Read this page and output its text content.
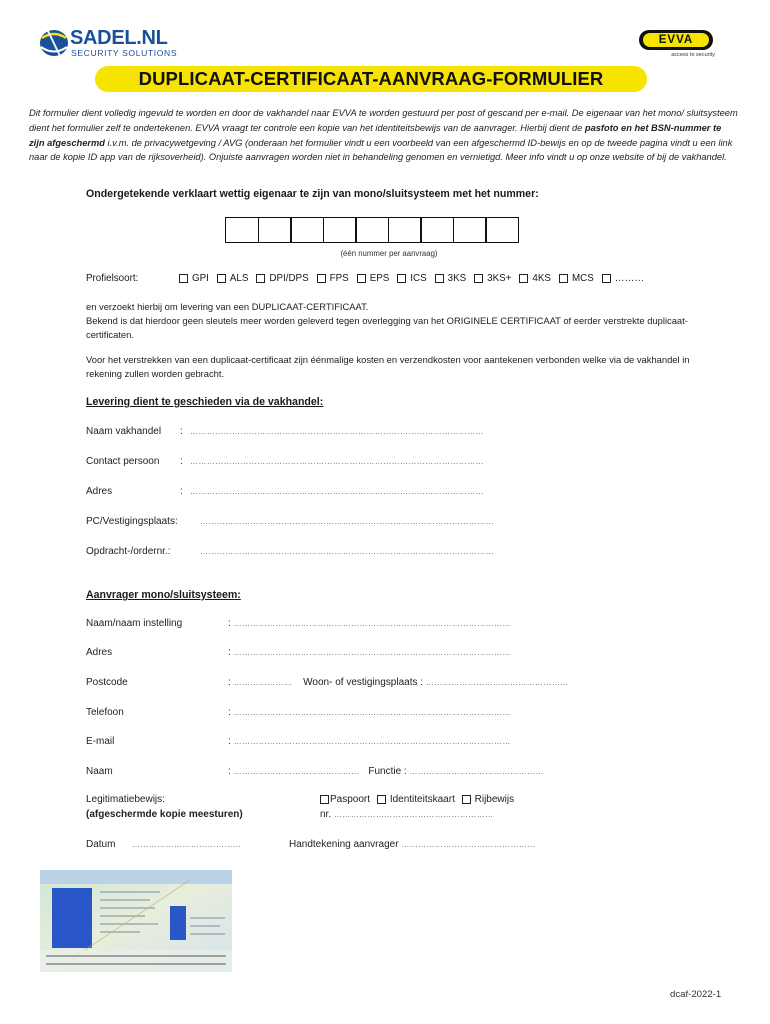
SADEL.NL
SECURITY SOLUTIONS
EVVA
access to security
DUPLICAAT-CERTIFICAAT-AANVRAAG-FORMULIER
Dit formulier dient volledig ingevuld te worden en door de vakhandel naar EVVA te worden gestuurd per post of gescand per e-mail. De eigenaar van het mono/ sluitsysteem dient het formulier zelf te ondertekenen. EVVA vraagt ter controle een kopie van het identiteitsbewijs van de aanvrager. Hierbij dient de pasfoto en het BSN-nummer te zijn afgeschermd i.v.m. de privacywetgeving / AVG (onderaan het formulier vindt u een voorbeeld van een afgeschermd ID-bewijs en op de tweede pagina vindt u een link naar de kopie ID app van de rijksoverheid). Onjuiste aanvragen worden niet in behandeling genomen en vernietigd. Meer info vindt u op onze website of bij de vakhandel.
Ondergetekende verklaart wettig eigenaar te zijn van mono/sluitsysteem met het nummer:
(één nummer per aanvraag)
Profielsoort:	GPI ALS DPI/DPS FPS EPS ICS 3KS 3KS+ 4KS MCS ………
en verzoekt hierbij om levering van een DUPLICAAT-CERTIFICAAT.
Bekend is dat hierdoor geen sleutels meer worden geleverd tegen overlegging van het ORIGINELE CERTIFICAAT of eerder verstrekte duplicaat-certificaten.
Voor het verstrekken van een duplicaat-certificaat zijn éénmalige kosten en verzendkosten voor aantekenen verbonden welke via de vakhandel in rekening zullen worden gebracht.
Levering dient te geschieden via de vakhandel:
Naam vakhandel : ……………………………………………………………………………………………
Contact persoon : ……………………………………………………………………………………………
Adres	: ……………………………………………………………………………………………
PC/Vestigingsplaats:	……………………………………………………………………………………………
Opdracht-/ordernr.:	……………………………………………………………………………………………
Aanvrager mono/sluitsysteem:
Naam/naam instelling	: ………………………………………………………………………………………
Adres	: ………………………………………………………………………………………
Postcode	: ………………… Woon- of vestigingsplaats : ……………………………………………
Telefoon	: ………………………………………………………………………………………
E-mail	: ………………………………………………………………………………………
Naam	: ……………………………………… Functie : …………………………………………
Legitimatiebewijs:
(afgeschermde kopie meesturen)
Paspoort Identiteitskaart Rijbewijs
nr. …………………………………………………
Datum …………………………………	Handtekening aanvrager …………………………………………
dcaf-2022-1
